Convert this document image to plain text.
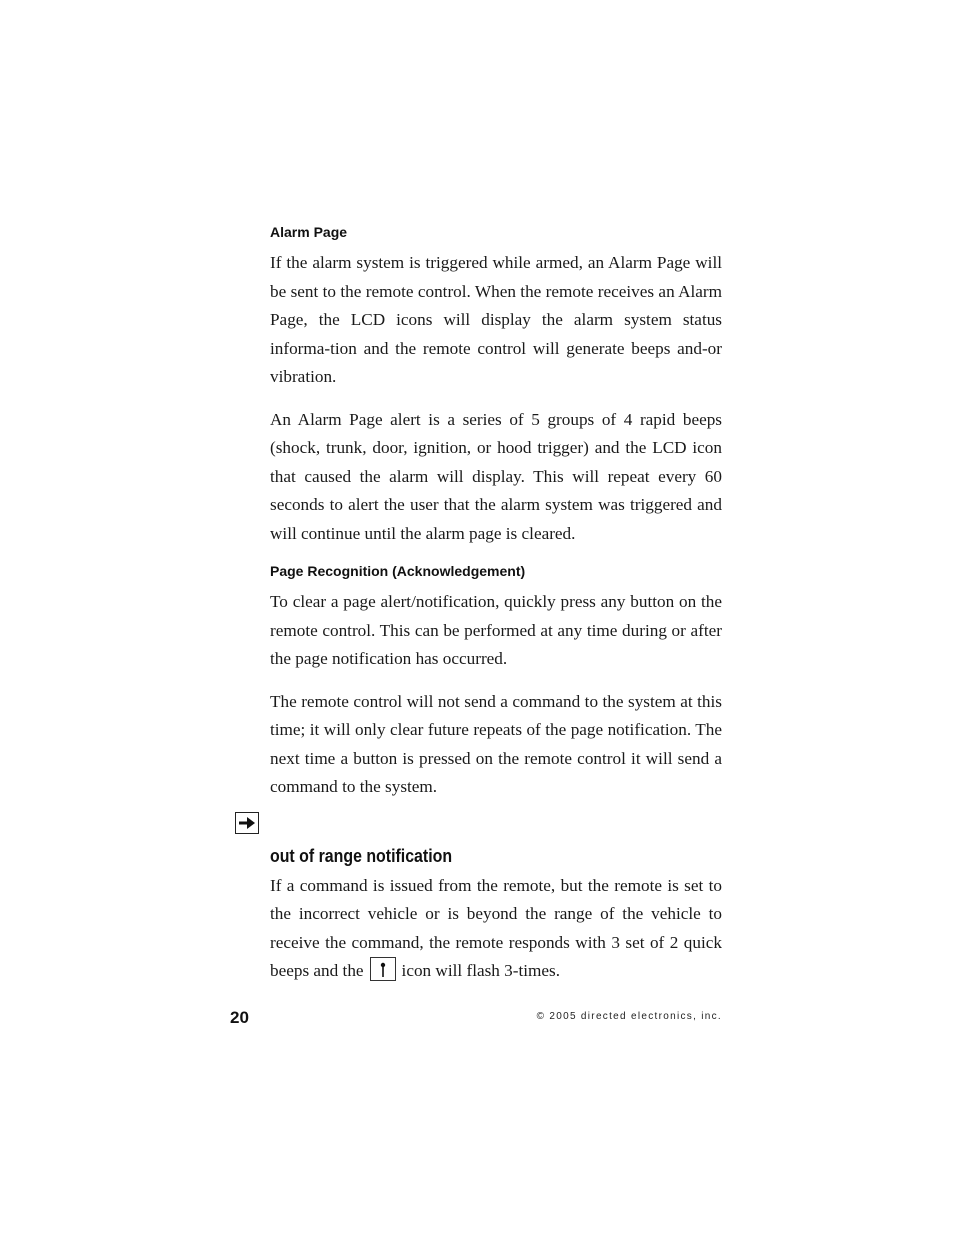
Alarm Page

If the alarm system is triggered while armed, an Alarm Page will be sent to the remote control. When the remote receives an Alarm Page, the LCD icons will display the alarm system status informa-tion and the remote control will generate beeps and-or vibration.

An Alarm Page alert is a series of 5 groups of 4 rapid beeps (shock, trunk, door, ignition, or hood trigger) and the LCD icon that caused the alarm will display. This will repeat every 60 seconds to alert the user that the alarm system was triggered and will continue until the alarm page is cleared.

Page Recognition (Acknowledgement)

To clear a page alert/notification, quickly press any button on the remote control. This can be performed at any time during or after the page notification has occurred.

The remote control will not send a command to the system at this time; it will only clear future repeats of the page notification. The next time a button is pressed on the remote control it will send a command to the system.

out of range notification

If a command is issued from the remote, but the remote is set to the incorrect vehicle or is beyond the range of the vehicle to receive the command, the remote responds with 3 set of 2 quick beeps and the icon will flash 3-times.

20	© 2005 directed electronics, inc.
